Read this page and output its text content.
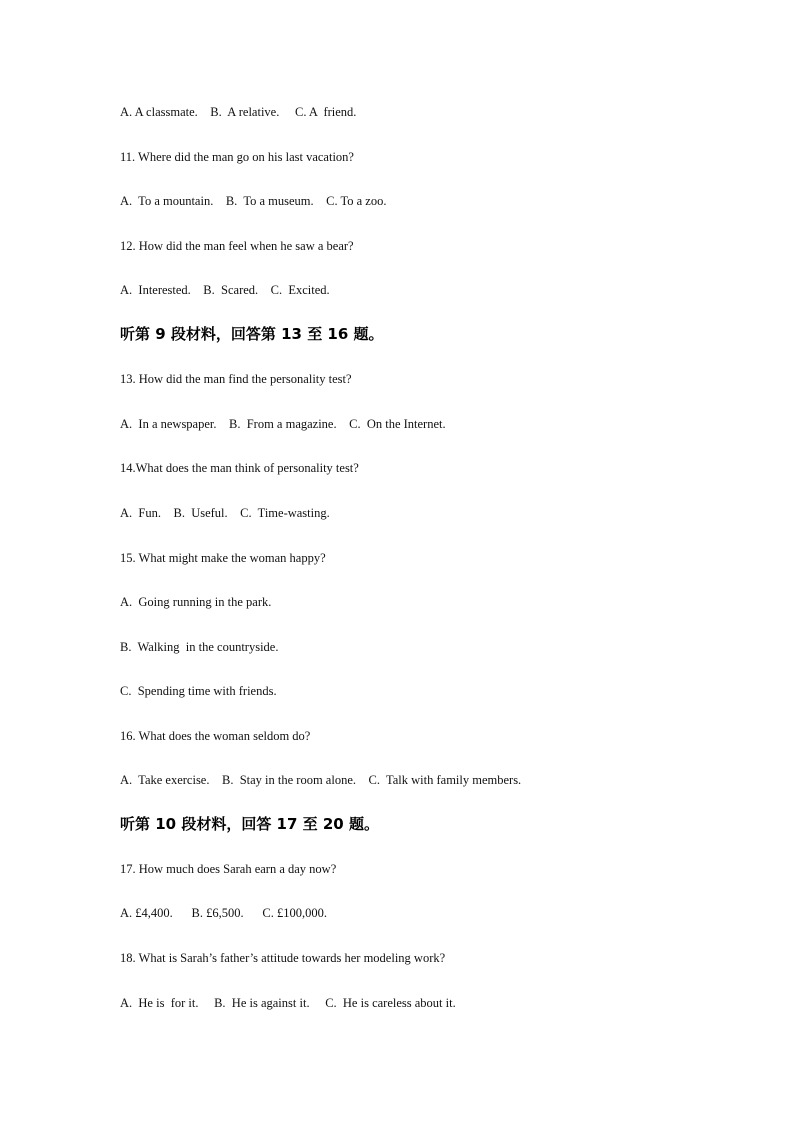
A. A classmate.    B.  A relative.     C. A  friend.
11. Where did the man go on his last vacation?
A.  To a mountain.    B.  To a museum.    C. To a zoo.
12. How did the man feel when he saw a bear?
A.  Interested.    B.  Scared.    C.  Excited.
听第 9 段材料，回答第 13 至 16 题。
13. How did the man find the personality test?
A.  In a newspaper.    B.  From a magazine.    C.  On the Internet.
14.What does the man think of personality test?
A.  Fun.    B.  Useful.    C.  Time-wasting.
15. What might make the woman happy?
A.  Going running in the park.
B.  Walking  in the countryside.
C.  Spending time with friends.
16. What does the woman seldom do?
A.  Take exercise.    B.  Stay in the room alone.    C.  Talk with family members.
听第 10 段材料，回答 17 至 20 题。
17. How much does Sarah earn a day now?
A. £4,400.      B. £6,500.      C. £100,000.
18. What is Sarah’s father’s attitude towards her modeling work?
A.  He is  for it.     B.  He is against it.     C.  He is careless about it.
